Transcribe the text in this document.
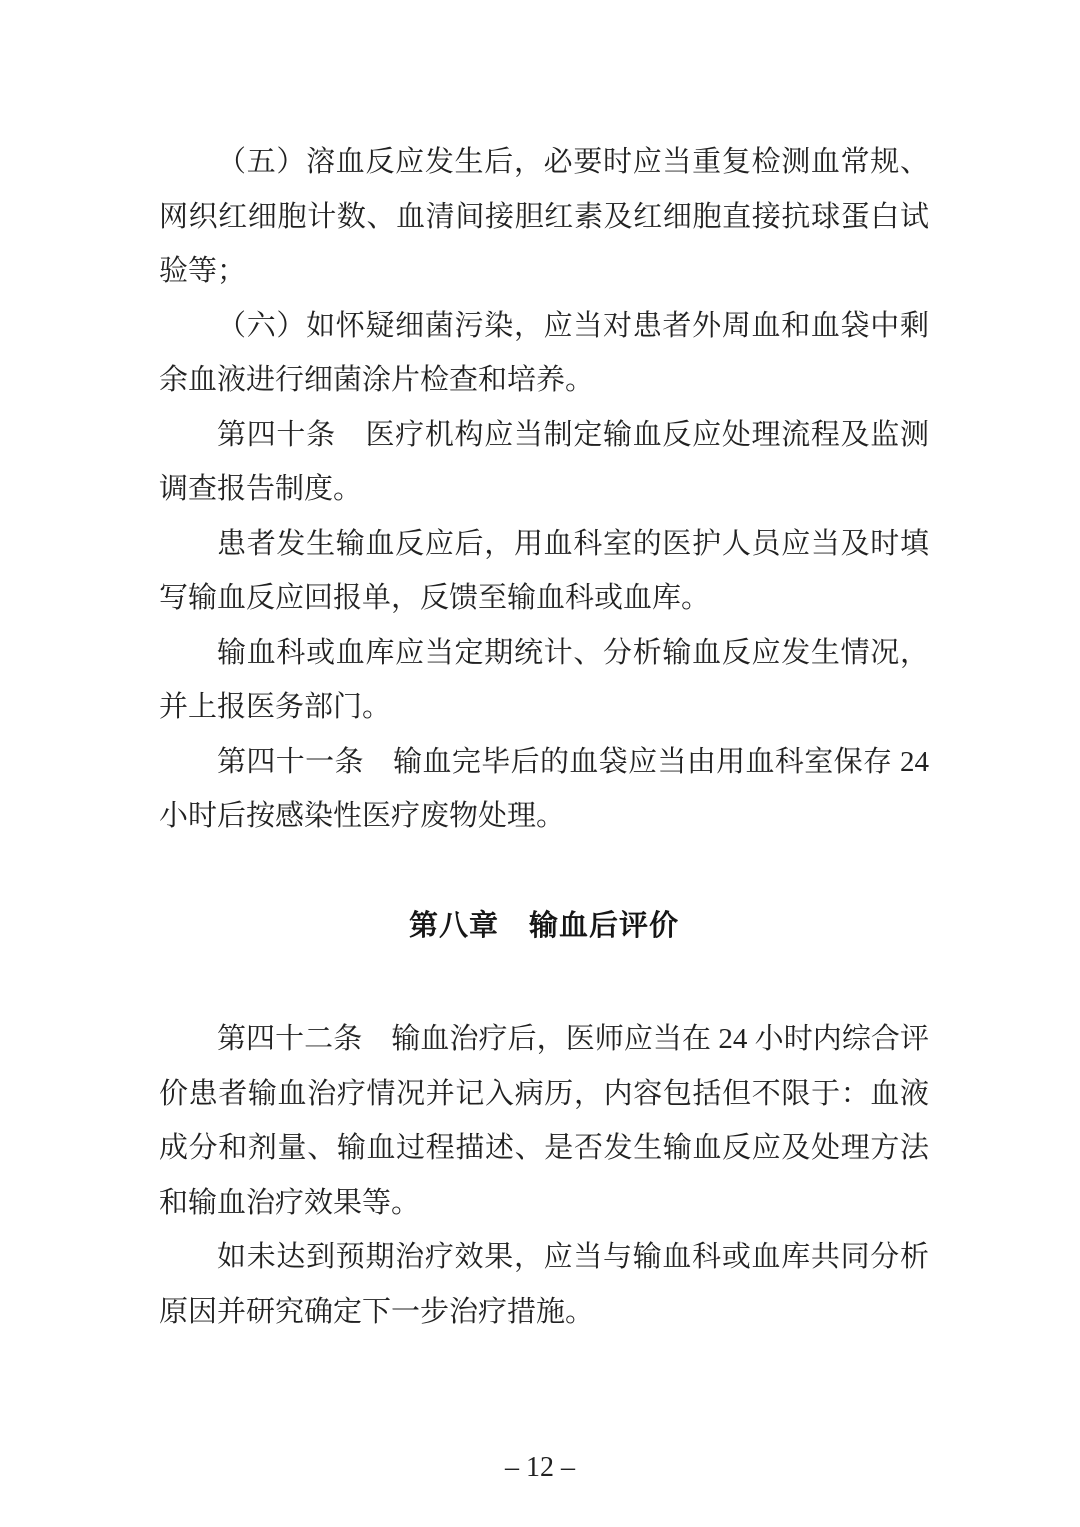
（五）溶血反应发生后，必要时应当重复检测血常规、网织红细胞计数、血清间接胆红素及红细胞直接抗球蛋白试验等；

（六）如怀疑细菌污染，应当对患者外周血和血袋中剩余血液进行细菌涂片检查和培养。

第四十条　医疗机构应当制定输血反应处理流程及监测调查报告制度。

患者发生输血反应后，用血科室的医护人员应当及时填写输血反应回报单，反馈至输血科或血库。

输血科或血库应当定期统计、分析输血反应发生情况，并上报医务部门。

第四十一条　输血完毕后的血袋应当由用血科室保存 24 小时后按感染性医疗废物处理。

第八章　输血后评价

第四十二条　输血治疗后，医师应当在 24 小时内综合评价患者输血治疗情况并记入病历，内容包括但不限于：血液成分和剂量、输血过程描述、是否发生输血反应及处理方法和输血治疗效果等。

如未达到预期治疗效果，应当与输血科或血库共同分析原因并研究确定下一步治疗措施。

– 12 –
